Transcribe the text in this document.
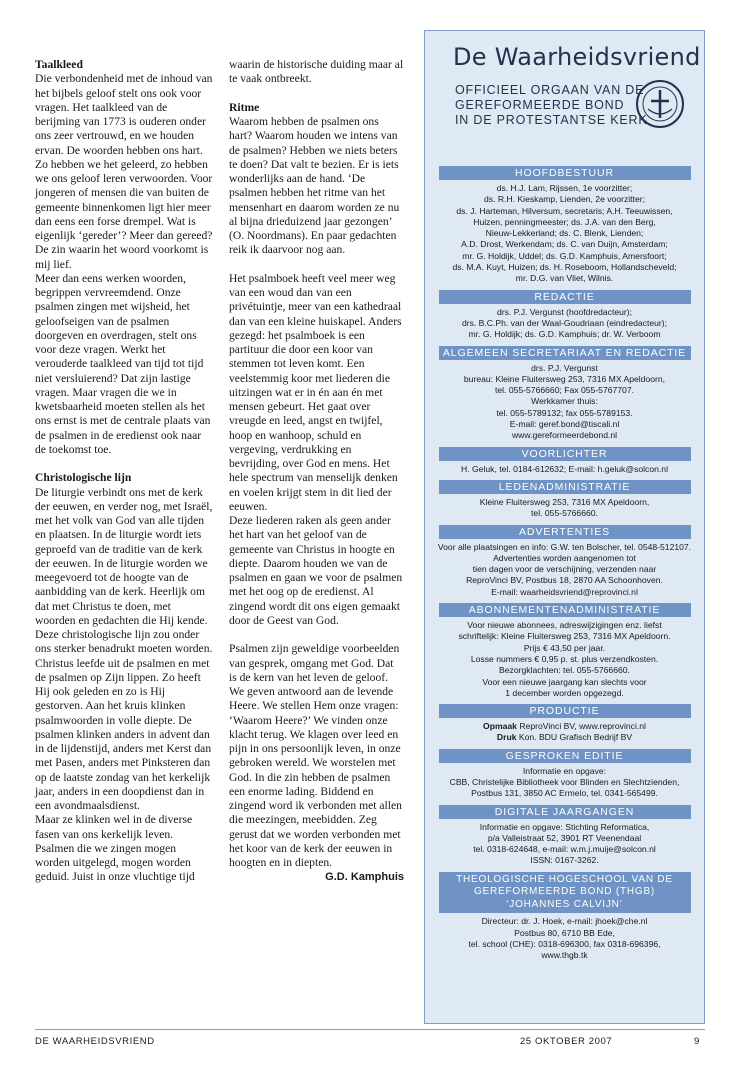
Taalkleed

Die verbondenheid met de inhoud van het bijbels geloof stelt ons ook voor vragen. Het taalkleed van de berijming van 1773 is ouderen onder ons zeer vertrouwd, en we houden ervan. De woorden hebben ons hart. Zo hebben we het geleerd, zo hebben we ons geloof leren verwoorden. Voor jongeren of mensen die van buiten de gemeente binnenkomen ligt hier meer dan eens een forse drempel. Wat is eigenlijk ‘gereder’? Meer dan gereed? De zin waarin het woord voorkomt is mij lief.

Meer dan eens werken woorden, begrippen vervreemdend. Onze psalmen zingen met wijsheid, het geloofseigen van de psalmen doorgeven en overdragen, stelt ons voor deze vragen. Werkt het verouderde taalkleed van tijd tot tijd niet versluierend? Dat zijn lastige vragen. Maar vragen die we in kwetsbaarheid moeten stellen als het ons ernst is met de centrale plaats van de psalmen in de eredienst ook naar de toekomst toe.

Christologische lijn

De liturgie verbindt ons met de kerk der eeuwen, en verder nog, met Israël, met het volk van God van alle tijden en plaatsen. In de liturgie wordt iets geproefd van de traditie van de kerk der eeuwen. In de liturgie worden we meegevoerd tot de hoogte van de aanbidding van de kerk. Heerlijk om dat met Christus te doen, met woorden en gedachten die Hij kende.

Deze christologische lijn zou onder ons sterker benadrukt moeten worden. Christus leefde uit de psalmen en met de psalmen op Zijn lippen. Zo heeft Hij ook geleden en zo is Hij gestorven. Aan het kruis klinken psalmwoorden in volle diepte. De psalmen klinken anders in advent dan in de lijdenstijd, anders met Kerst dan met Pasen, anders met Pinksteren dan op de laatste zondag van het kerkelijk jaar, anders in een doopdienst dan in een avondmaalsdienst.

Maar ze klinken wel in de diverse fasen van ons kerkelijk leven. Psalmen die we zingen mogen worden uitgelegd, mogen worden geduid. Juist in onze vluchtige tijd

waarin de historische duiding maar al te vaak ontbreekt.

Ritme

Waarom hebben de psalmen ons hart? Waarom houden we intens van de psalmen? Hebben we niets beters te doen? Dat valt te bezien. Er is iets wonderlijks aan de hand. ‘De psalmen hebben het ritme van het mensenhart en daarom worden ze nu al bijna drieduizend jaar gezongen’ (O. Noordmans). En paar gedachten reik ik daarvoor nog aan.

Het psalmboek heeft veel meer weg van een woud dan van een privétuintje, meer van een kathedraal dan van een kleine huiskapel. Anders gezegd: het psalmboek is een partituur die door een koor van stemmen tot leven komt. Een veelstemmig koor met liederen die uitzingen wat er in én aan én met mensen gebeurt. Het gaat over vreugde en leed, angst en twijfel, hoop en wanhoop, schuld en vergeving, verdrukking en bevrijding, over God en mens. Het hele spectrum van menselijk denken en voelen krijgt stem in dit lied der eeuwen.

Deze liederen raken als geen ander het hart van het geloof van de gemeente van Christus in hoogte en diepte. Daarom houden we van de psalmen en gaan we voor de psalmen met het oog op de eredienst. Al zingend wordt dit ons eigen gemaakt door de Geest van God.

Psalmen zijn geweldige voorbeelden van gesprek, omgang met God. Dat is de kern van het leven de geloof. We geven antwoord aan de levende Heere. We stellen Hem onze vragen: ‘Waarom Heere?’ We vinden onze klacht terug. We klagen over leed en pijn in ons persoonlijk leven, in onze gebroken wereld. We worstelen met God. In die zin hebben de psalmen een enorme lading. Biddend en zingend word ik verbonden met allen die meezingen, meebidden. Zeg gerust dat we worden verbonden met het koor van de kerk der eeuwen in hoogten en in diepten.

G.D. Kamphuis
De Waarheidsvriend
OFFICIEEL ORGAAN VAN DE
GEREFORMEERDE BOND
IN DE PROTESTANTSE KERK
HOOFDBESTUUR
ds. H.J. Lam, Rijssen, 1e voorzitter;
ds. R.H. Kieskamp, Lienden, 2e voorzitter;
ds. J. Harteman, Hilversum, secretaris; A.H. Teeuwissen,
Huizen, penningmeester; ds. J.A. van den Berg,
Nieuw-Lekkerland; ds. C. Blenk, Lienden;
A.D. Drost, Werkendam; ds. C. van Duijn, Amsterdam;
mr. G. Holdijk, Uddel; ds. G.D. Kamphuis, Amersfoort;
ds. M.A. Kuyt, Huizen; ds. H. Roseboom, Hollandscheveld;
mr. D.G. van Vliet, Wilnis.
REDACTIE
drs. P.J. Vergunst (hoofdredacteur);
drs. B.C.Ph. van der Waal-Goudriaan (eindredacteur);
mr. G. Holdijk; ds. G.D. Kamphuis; dr. W. Verboom
ALGEMEEN SECRETARIAAT EN REDACTIE
drs. P.J. Vergunst
bureau: Kleine Fluitersweg 253, 7316 MX Apeldoorn,
tel. 055-5766660; Fax 055-5767707.
Werkkamer thuis:
tel. 055-5789132; fax 055-5789153.
E-mail: geref.bond@tiscali.nl
www.gereformeerdebond.nl
VOORLICHTER
H. Geluk, tel. 0184-612632; E-mail: h.geluk@solcon.nl
LEDENADMINISTRATIE
Kleine Fluitersweg 253, 7316 MX Apeldoorn,
tel. 055-5766660.
ADVERTENTIES
Voor alle plaatsingen en info: G.W. ten Bolscher, tel. 0548-512107.
Advertenties worden aangenomen tot
tien dagen voor de verschijning, verzenden naar
ReproVinci BV, Postbus 18, 2870 AA Schoonhoven.
E-mail: waarheidsvriend@reprovinci.nl
ABONNEMENTENADMINISTRATIE
Voor nieuwe abonnees, adreswijzigingen enz. liefst
schriftelijk: Kleine Fluitersweg 253, 7316 MX Apeldoorn.
Prijs € 43,50 per jaar.
Losse nummers € 0,95 p. st. plus verzendkosten.
Bezorgklachten: tel. 055-5766660.
Voor een nieuwe jaargang kan slechts voor
1 december worden opgezegd.
PRODUCTIE
Opmaak ReproVinci BV, www.reprovinci.nl
Druk Kon. BDU Grafisch Bedrijf BV
GESPROKEN EDITIE
Informatie en opgave:
CBB, Christelijke Bibliotheek voor Blinden en Slechtzienden,
Postbus 131, 3850 AC Ermelo, tel. 0341-565499.
DIGITALE JAARGANGEN
Informatie en opgave: Stichting Reformatica,
p/a Valleistraat 52, 3901 RT Veenendaal
tel. 0318-624648, e-mail: w.m.j.muije@solcon.nl
ISSN: 0167-3262.
THEOLOGISCHE HOGESCHOOL VAN DE
GEREFORMEERDE BOND (THGB)
‘JOHANNES CALVIJN’
Directeur: dr. J. Hoek, e-mail: jhoek@che.nl
Postbus 80, 6710 BB Ede,
tel. school (CHE): 0318-696300, fax 0318-696396,
www.thgb.tk
DE WAARHEIDSVRIEND	25 OKTOBER 2007	9
